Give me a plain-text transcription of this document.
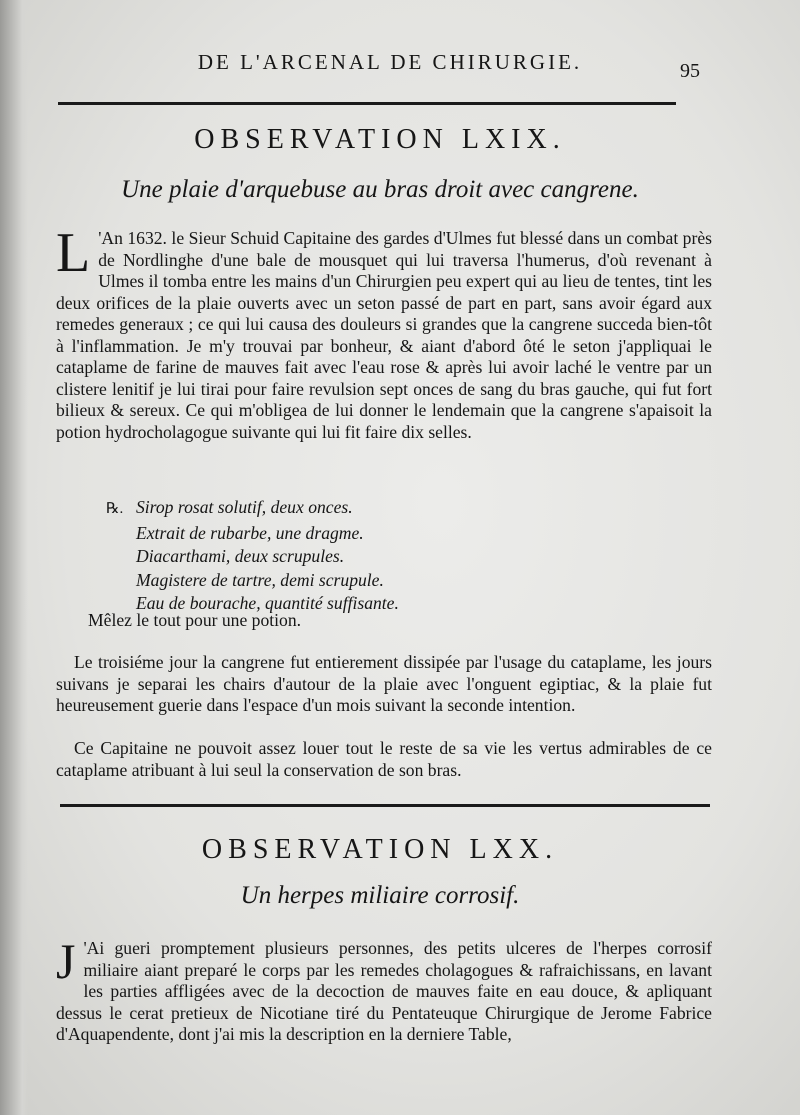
DE L'ARCENAL DE CHIRURGIE.	95
OBSERVATION LXIX.
Une plaie d'arquebuse au bras droit avec cangrene.
L 'An 1632. le Sieur Schuid Capitaine des gardes d'Ulmes fut blessé dans un combat près de Nordlinghe d'une bale de mousquet qui lui traversa l'humerus, d'où revenant à Ulmes il tomba entre les mains d'un Chirurgien peu expert qui au lieu de tentes, tint les deux orifices de la plaie ouverts avec un seton passé de part en part, sans avoir égard aux remedes generaux ; ce qui lui causa des douleurs si grandes que la cangrene succeda bien-tôt à l'inflammation. Je m'y trouvai par bonheur, & aiant d'abord ôté le seton j'appliquai le cataplame de farine de mauves fait avec l'eau rose & après lui avoir laché le ventre par un clistere lenitif je lui tirai pour faire revulsion sept onces de sang du bras gauche, qui fut fort bilieux & sereux. Ce qui m'obligea de lui donner le lendemain que la cangrene s'apaisoit la potion hydrocholagogue suivante qui lui fit faire dix selles.
℞. Sirop rosat solutif, deux onces.
Extrait de rubarbe, une dragme.
Diacarthami, deux scrupules.
Magistere de tartre, demi scrupule.
Eau de bourache, quantité suffisante.
Mêlez le tout pour une potion.
Le troisiéme jour la cangrene fut entierement dissipée par l'usage du cataplame, les jours suivans je separai les chairs d'autour de la plaie avec l'onguent egiptiac, & la plaie fut heureusement guerie dans l'espace d'un mois suivant la seconde intention.
Ce Capitaine ne pouvoit assez louer tout le reste de sa vie les vertus admirables de ce cataplame atribuant à lui seul la conservation de son bras.
OBSERVATION LXX.
Un herpes miliaire corrosif.
J 'Ai gueri promptement plusieurs personnes, des petits ulceres de l'herpes corrosif miliaire aiant preparé le corps par les remedes cholagogues & rafraichissans, en lavant les parties affligées avec de la decoction de mauves faite en eau douce, & apliquant dessus le cerat pretieux de Nicotiane tiré du Pentateuque Chirurgique de Jerome Fabrice d'Aquapendente, dont j'ai mis la description en la derniere Table,
